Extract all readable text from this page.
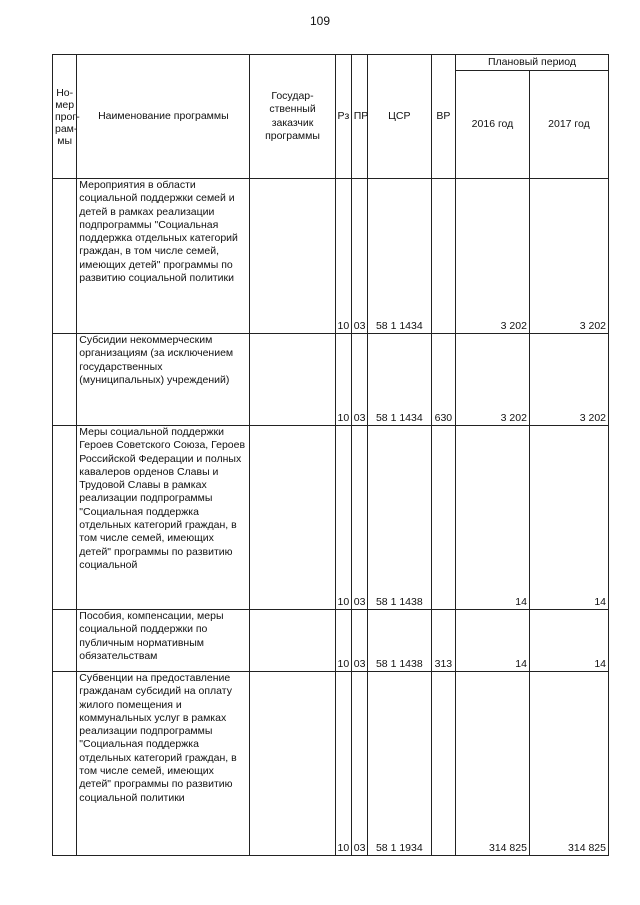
109
Но-
мер
прог-
рам-
мы	Наименование программы	Государ-
ственный
заказчик
программы	Рз	ПР	ЦСР	ВР	Плановый период	
							2016 год	2017 год
	Мероприятия в области социальной поддержки семей и детей в рамках реализации подпрограммы "Социальная поддержка отдельных категорий граждан, в том числе семей, имеющих детей" программы по развитию социальной политики		10	03	58 1 1434		3 202	3 202
	Субсидии некоммерческим организациям (за исключением государственных (муниципальных) учреждений)		10	03	58 1 1434	630	3 202	3 202
	Меры социальной поддержки Героев Советского Союза, Героев Российской Федерации и полных кавалеров орденов Славы и Трудовой Славы в рамках реализации подпрограммы "Социальная поддержка отдельных категорий граждан, в том числе семей, имеющих детей" программы по развитию социальной		10	03	58 1 1438		14	14
	Пособия, компенсации, меры социальной поддержки по публичным нормативным обязательствам		10	03	58 1 1438	313	14	14
	Субвенции на предоставление гражданам субсидий на оплату жилого помещения и коммунальных услуг в рамках реализации подпрограммы "Социальная поддержка отдельных категорий граждан, в том числе семей, имеющих детей" программы по развитию социальной политики		10	03	58 1 1934		314 825	314 825
